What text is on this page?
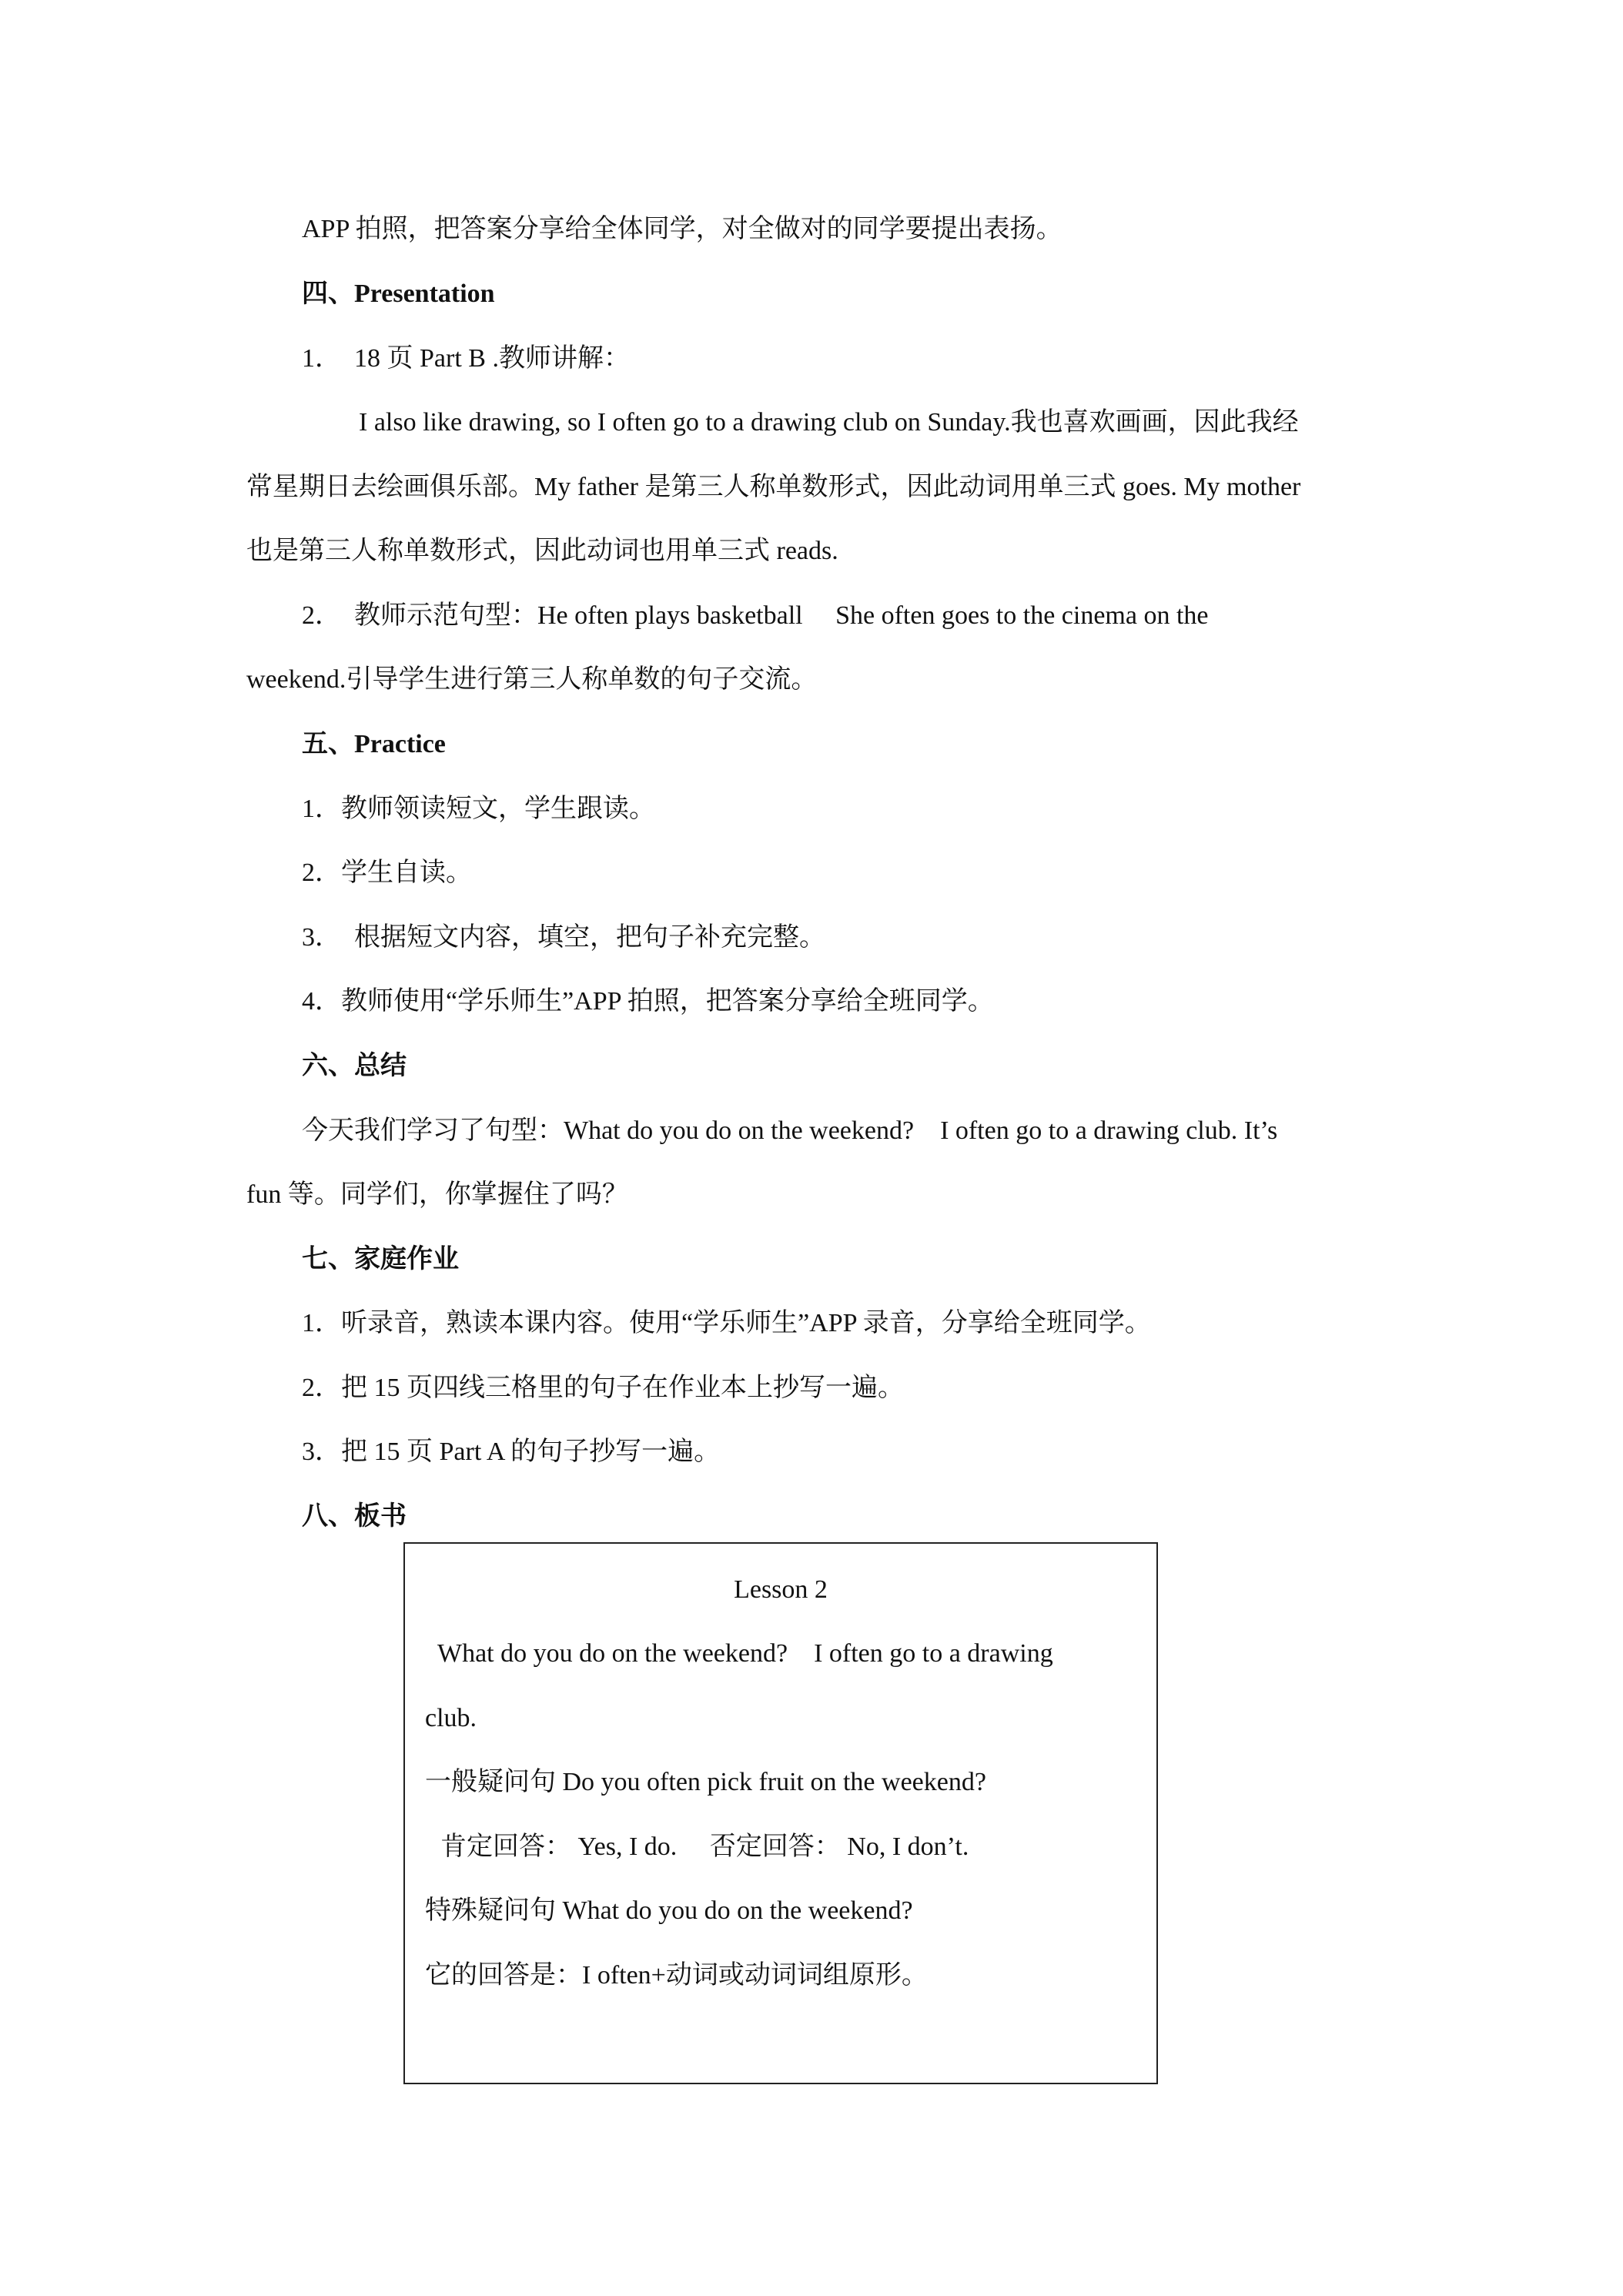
APP 拍照，把答案分享给全体同学，对全做对的同学要提出表扬。
四、Presentation
1．　18 页 Part B .教师讲解：
I also like drawing, so I often go to a drawing club on Sunday.我也喜欢画画，因此我经
常星期日去绘画俱乐部。My father 是第三人称单数形式，因此动词用单三式 goes. My mother
也是第三人称单数形式，因此动词也用单三式 reads.
2．　教师示范句型：He often plays basketball　 She often goes to the cinema on the
weekend.引导学生进行第三人称单数的句子交流。
五、Practice
1．教师领读短文，学生跟读。
2．学生自读。
3．　根据短文内容，填空，把句子补充完整。
4．教师使用“学乐师生”APP 拍照，把答案分享给全班同学。
六、总结
今天我们学习了句型：What do you do on the weekend?　I often go to a drawing club. It’s
fun 等。同学们，你掌握住了吗？
七、家庭作业
1．听录音，熟读本课内容。使用“学乐师生”APP 录音，分享给全班同学。
2．把 15 页四线三格里的句子在作业本上抄写一遍。
3．把 15 页 Part A 的句子抄写一遍。
八、板书
Lesson 2
What do you do on the weekend?　I often go to a drawing
club.
一般疑问句 Do you often pick fruit on the weekend?
肯定回答： Yes, I do.　 否定回答： No, I don’t.
特殊疑问句 What do you do on the weekend?
它的回答是：I often+动词或动词词组原形。
